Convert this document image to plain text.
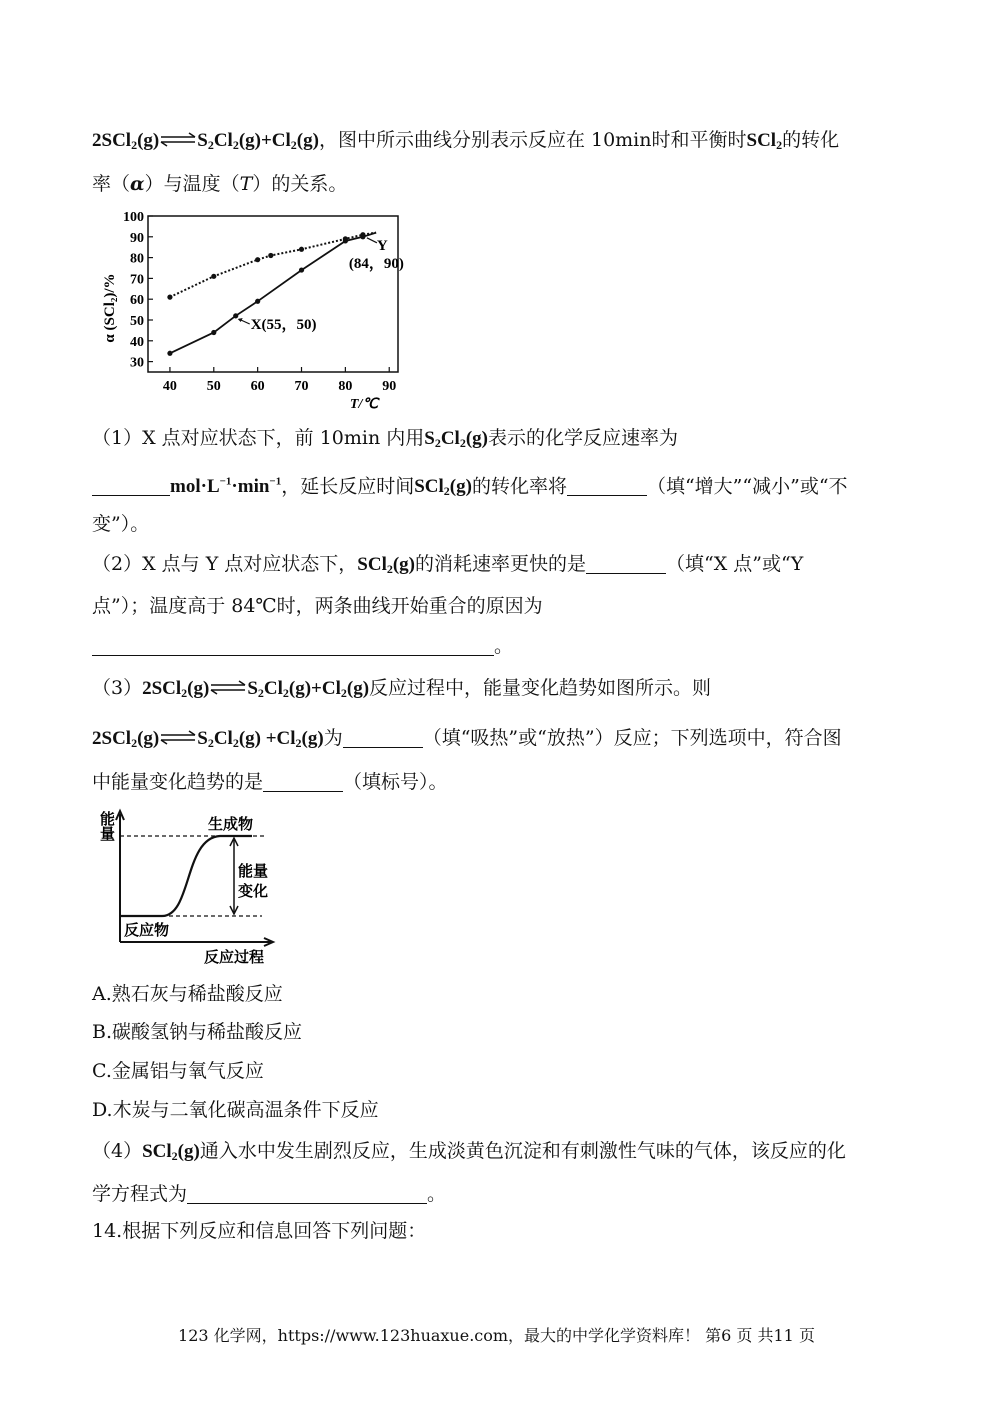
$2SCl_2(g)\rightleftharpoons S_2Cl_2(g)+Cl_2(g)$，图中所示曲线分别表示反应在 10min时和平衡时SCl$_2$的转化
率（α）与温度（T）的关系。
40 50 60 70 80 90
30
40
50
60
70
80
90
100
X(55，50)
Y
(84，90)
α (SCl₂)/%
T/℃
（1）X 点对应状态下，前 10min 内用$S_2Cl_2(g)$表示的化学反应速率为
$mol\cdot L^{-1}\cdot\min^{-1}$，延长反应时间SCl$_2$(g)的转化率将	（填“增大”“减小”或“不
变”）。
（2）X 点与 Y 点对应状态下，SCl$_2$(g)的消耗速率更快的是	（填“X 点”或“Y
点”）；温度高于 84℃时，两条曲线开始重合的原因为
。
$(3)2SCl_2(g)\rightleftharpoons S_2Cl_2(g)+Cl_2(g)$反应过程中，能量变化趋势如图所示。则
$2SCl_2(g)\rightleftharpoons S_2Cl_2(g) +Cl_2(g)$为	（填“吸热”或“放热”）反应；下列选项中，符合图
中能量变化趋势的是	（填标号）。
能量	生成物
能量
变化
反应物
反应过程
A.熟石灰与稀盐酸反应
B.碳酸氢钠与稀盐酸反应
C.金属铝与氧气反应
D.木炭与二氧化碳高温条件下反应
（4）SCl$_2$(g)通入水中发生剧烈反应，生成淡黄色沉淀和有刺激性气味的气体，该反应的化
学方程式为	。
14.根据下列反应和信息回答下列问题：
123 化学网，https://www.123huaxue.com，最大的中学化学资料库！ 第6 页 共11 页
